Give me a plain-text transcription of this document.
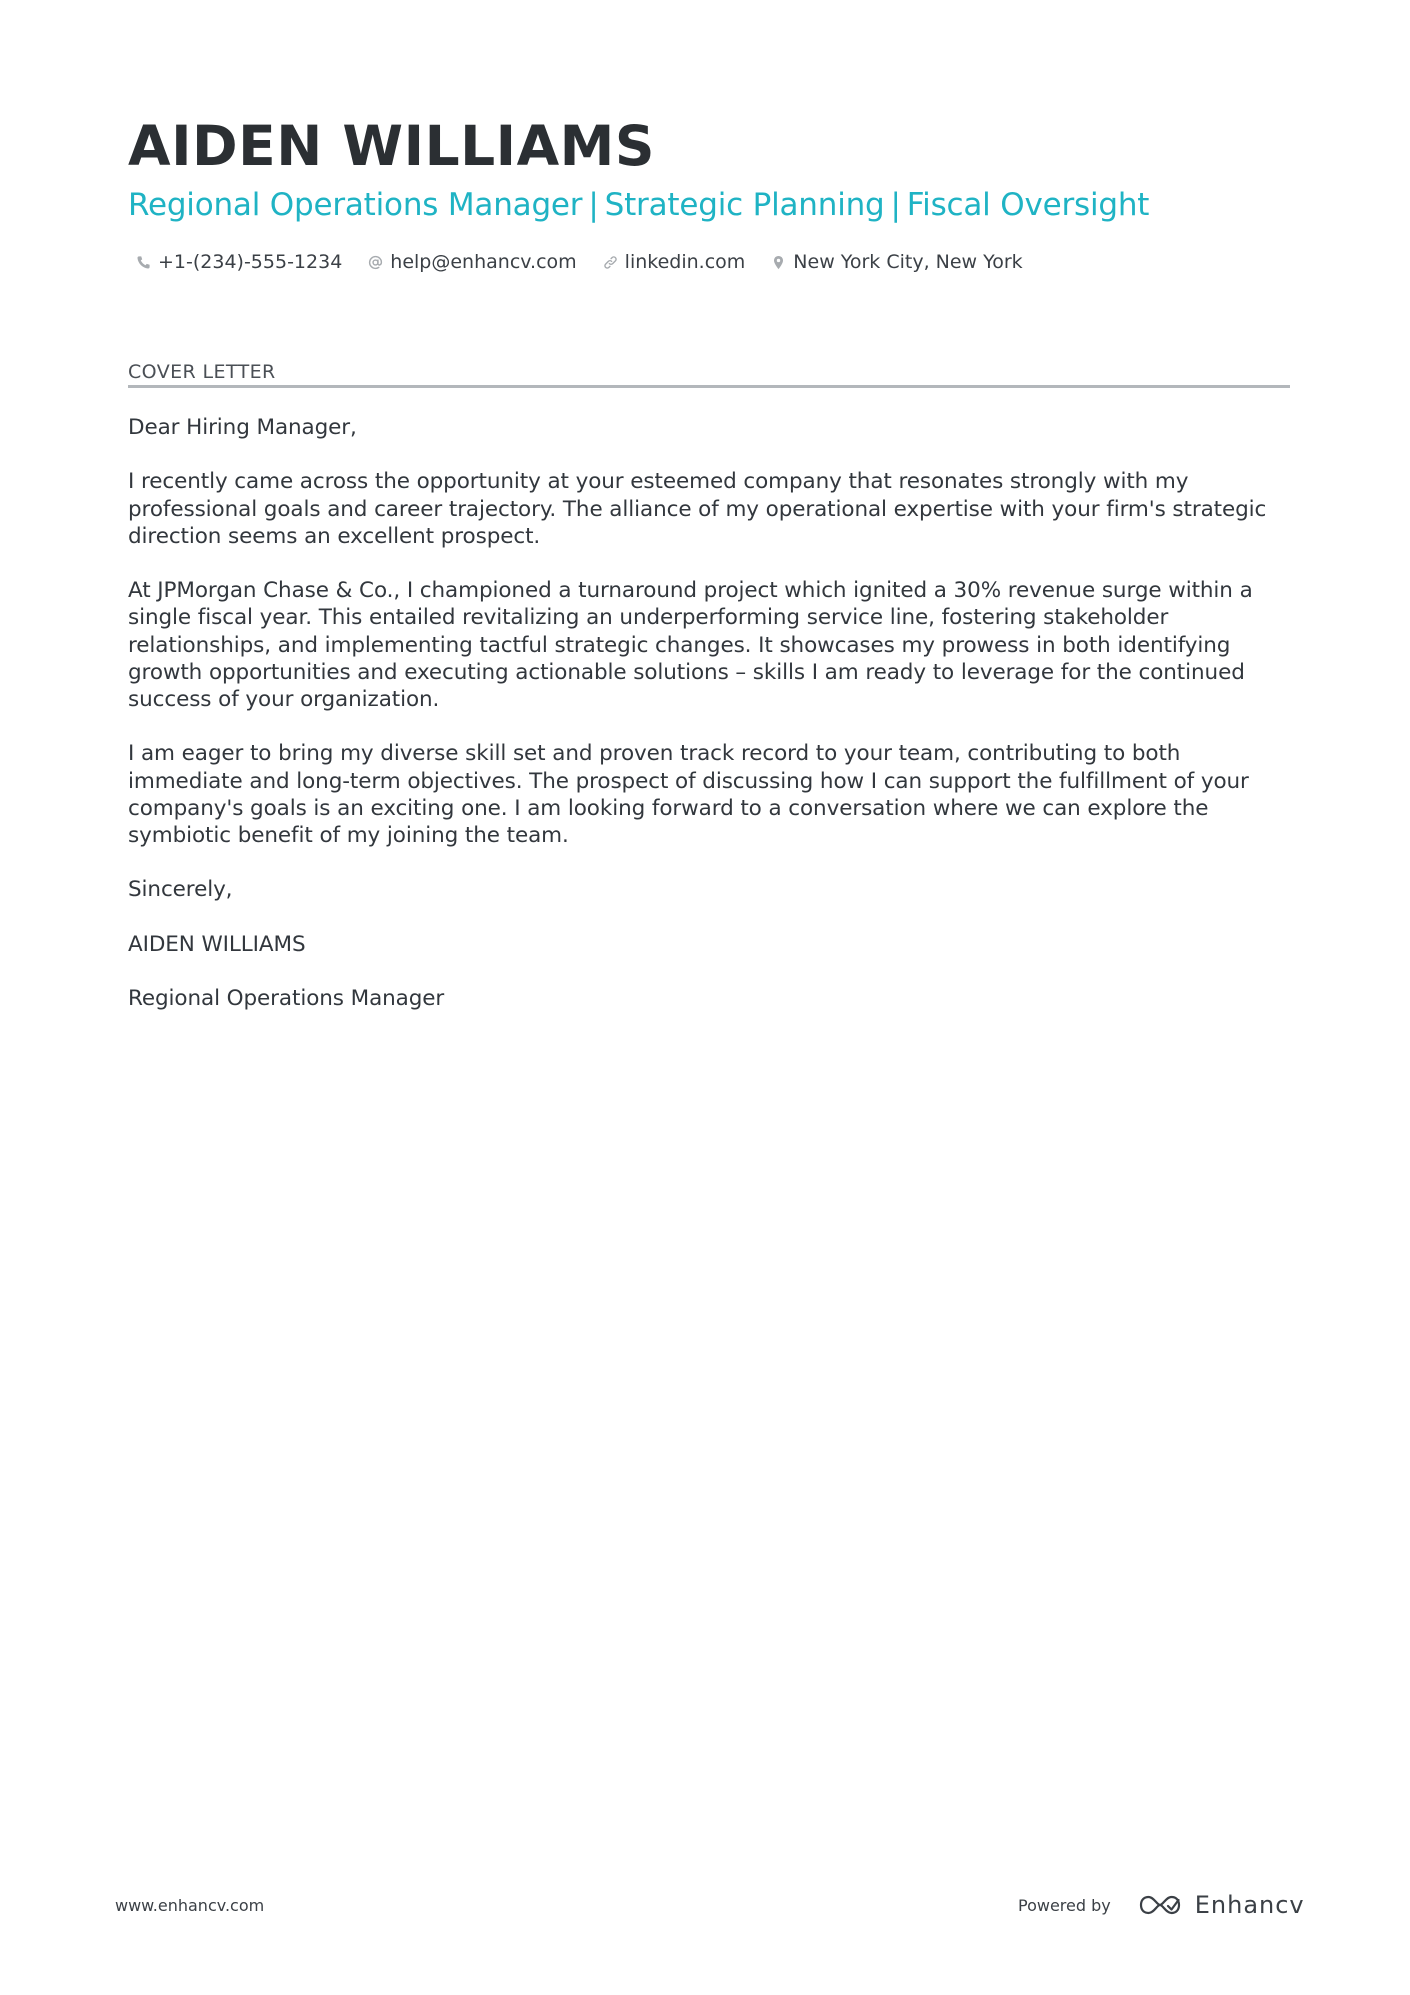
AIDEN WILLIAMS
Regional Operations Manager | Strategic Planning | Fiscal Oversight
+1-(234)-555-1234	help@enhancv.com	linkedin.com	New York City, New York
COVER LETTER

Dear Hiring Manager,

I recently came across the opportunity at your esteemed company that resonates strongly with my professional goals and career trajectory. The alliance of my operational expertise with your firm's strategic direction seems an excellent prospect.

At JPMorgan Chase & Co., I championed a turnaround project which ignited a 30% revenue surge within a single fiscal year. This entailed revitalizing an underperforming service line, fostering stakeholder relationships, and implementing tactful strategic changes. It showcases my prowess in both identifying growth opportunities and executing actionable solutions – skills I am ready to leverage for the continued success of your organization.

I am eager to bring my diverse skill set and proven track record to your team, contributing to both immediate and long-term objectives. The prospect of discussing how I can support the fulfillment of your company's goals is an exciting one. I am looking forward to a conversation where we can explore the symbiotic benefit of my joining the team.

Sincerely,

AIDEN WILLIAMS

Regional Operations Manager

www.enhancv.com	Powered by	Enhancv
